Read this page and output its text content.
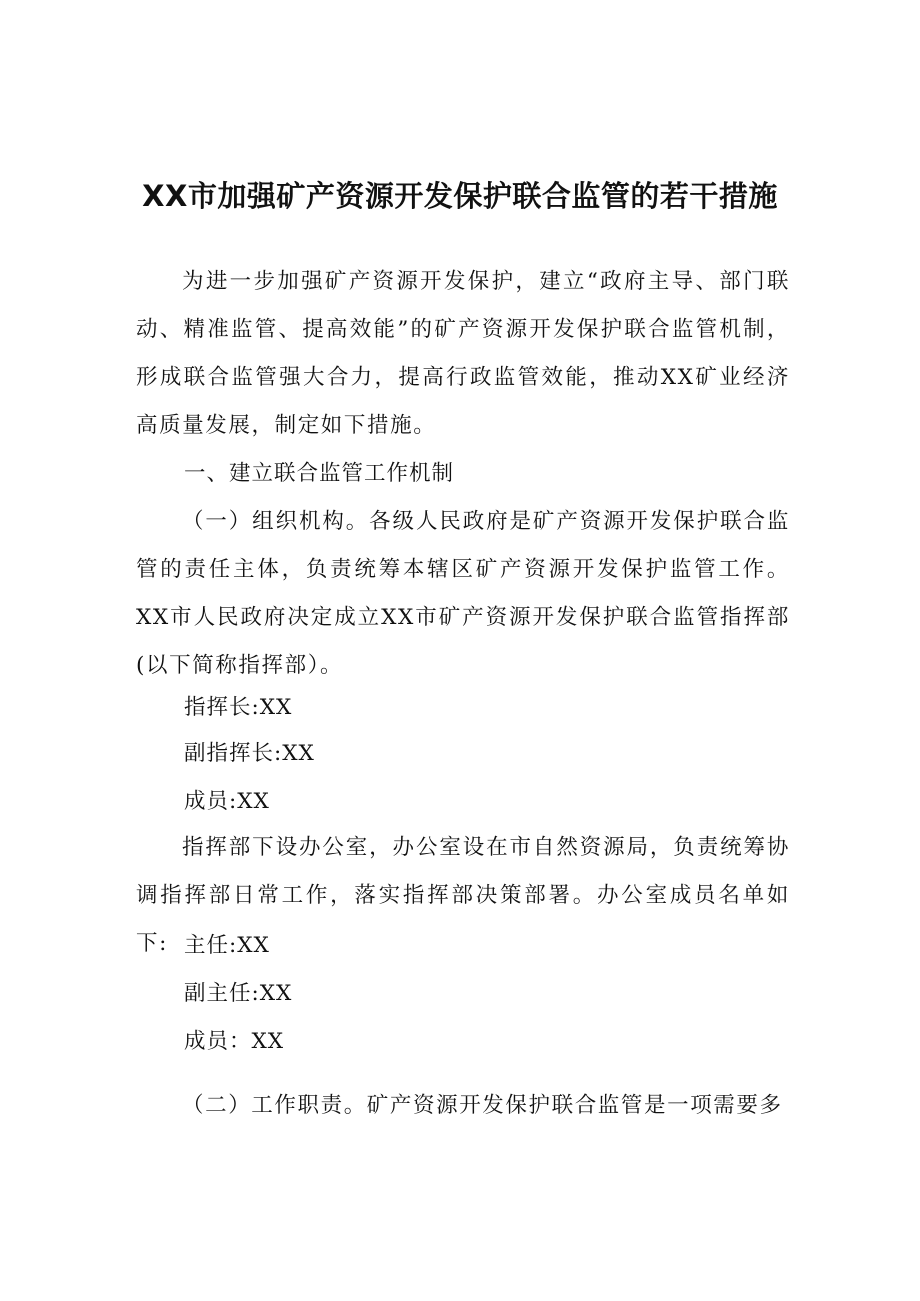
XX市加强矿产资源开发保护联合监管的若干措施

为进一步加强矿产资源开发保护，建立“政府主导、部门联动、精准监管、提高效能”的矿产资源开发保护联合监管机制，形成联合监管强大合力，提高行政监管效能，推动XX矿业经济高质量发展，制定如下措施。

一、建立联合监管工作机制

（一）组织机构。各级人民政府是矿产资源开发保护联合监管的责任主体，负责统筹本辖区矿产资源开发保护监管工作。XX市人民政府决定成立XX市矿产资源开发保护联合监管指挥部(以下简称指挥部）。

指挥长:XX

副指挥长:XX

成员:XX

指挥部下设办公室，办公室设在市自然资源局，负责统筹协调指挥部日常工作，落实指挥部决策部署。办公室成员名单如下: 主任:XX

副主任:XX

成员：XX

（二）工作职责。矿产资源开发保护联合监管是一项需要多
